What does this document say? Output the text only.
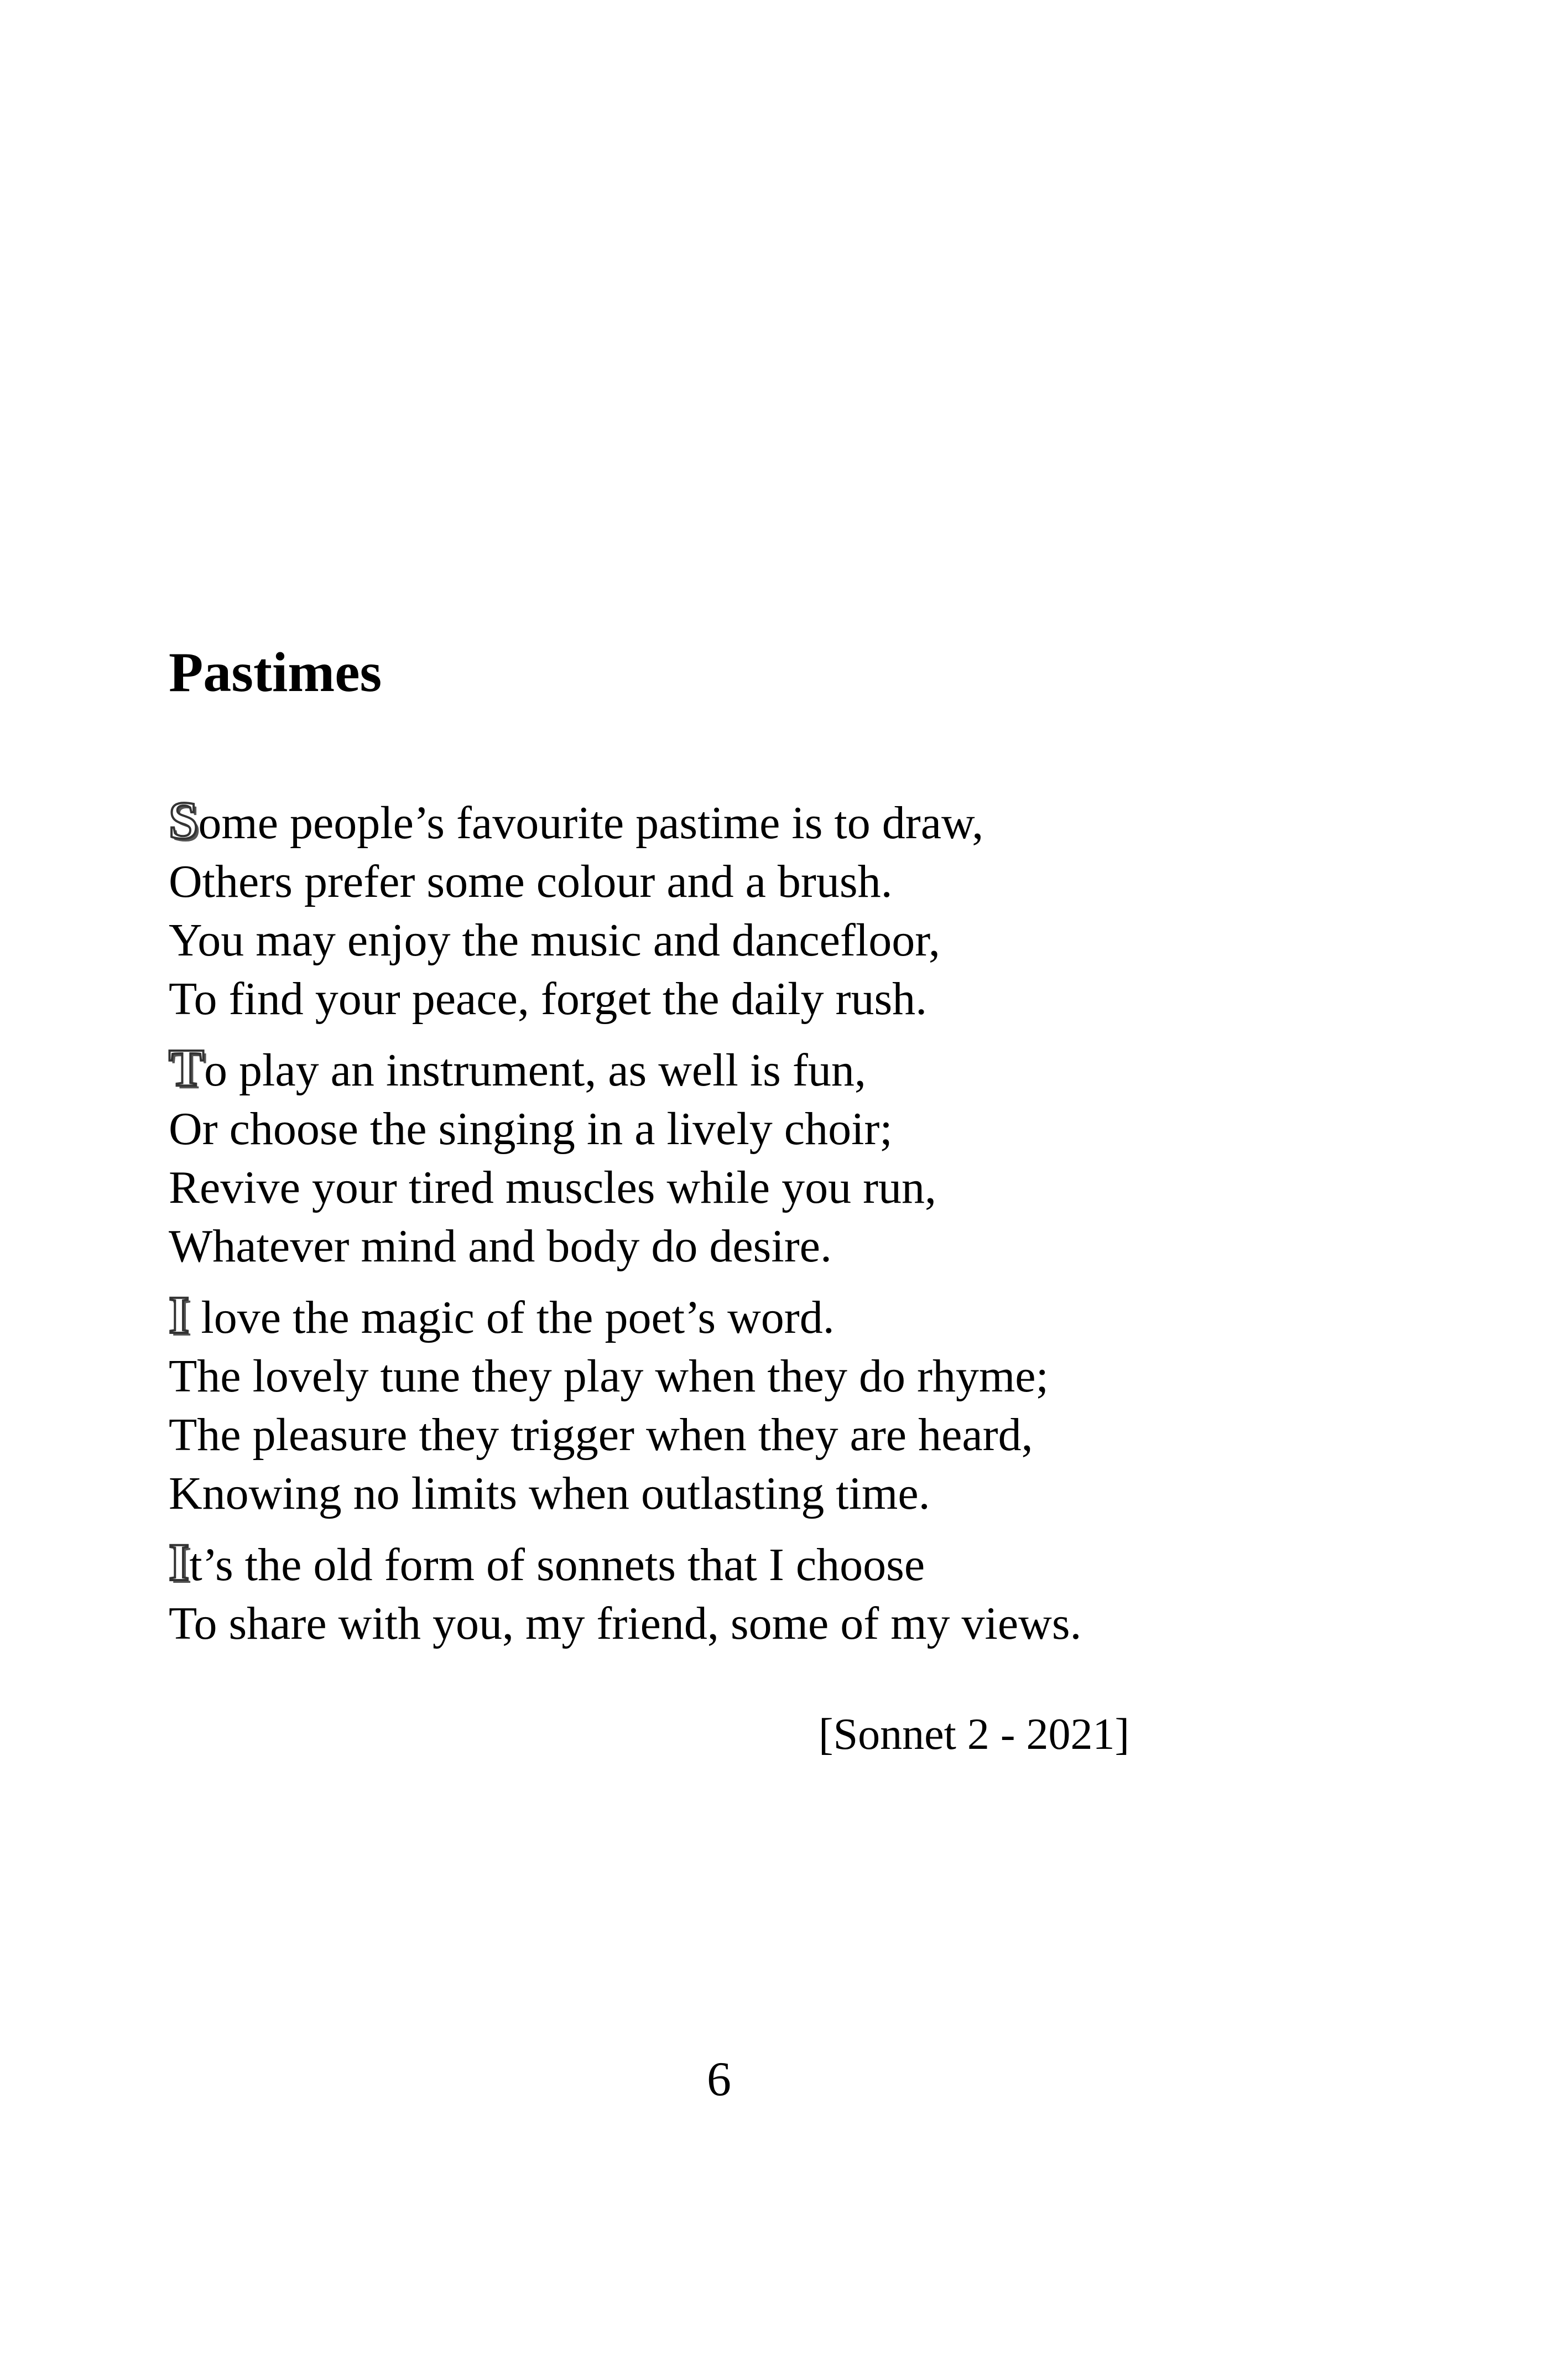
Pastimes
Some people’s favourite pastime is to draw,
Others prefer some colour and a brush.
You may enjoy the music and dancefloor,
To find your peace, forget the daily rush.
To play an instrument, as well is fun,
Or choose the singing in a lively choir;
Revive your tired muscles while you run,
Whatever mind and body do desire.
I love the magic of the poet’s word.
The lovely tune they play when they do rhyme;
The pleasure they trigger when they are heard,
Knowing no limits when outlasting time.
It’s the old form of sonnets that I choose
To share with you, my friend, some of my views.
[Sonnet 2 - 2021]
6
